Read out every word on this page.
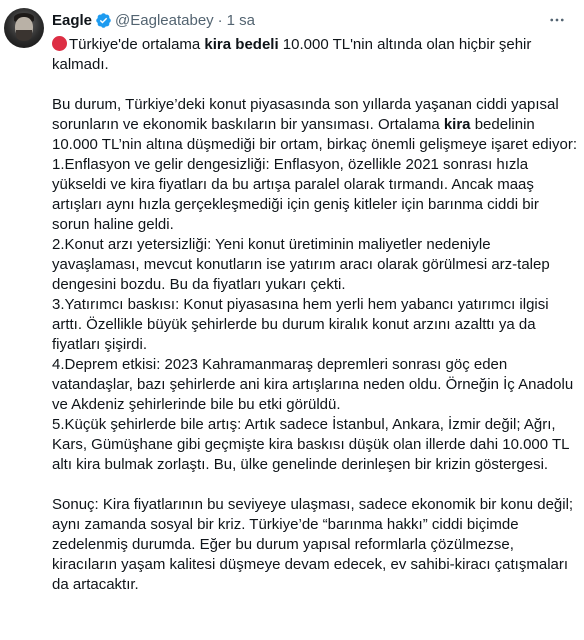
Eagle @Eagleatabey · 1 sa

Türkiye'de ortalama kira bedeli 10.000 TL'nin altında olan hiçbir şehir kalmadı.

Bu durum, Türkiye’deki konut piyasasında son yıllarda yaşanan ciddi yapısal sorunların ve ekonomik baskıların bir yansıması. Ortalama kira bedelinin 10.000 TL’nin altına düşmediği bir ortam, birkaç önemli gelişmeye işaret ediyor:

1.Enflasyon ve gelir dengesizliği: Enflasyon, özellikle 2021 sonrası hızla yükseldi ve kira fiyatları da bu artışa paralel olarak tırmandı. Ancak maaş artışları aynı hızla gerçekleşmediği için geniş kitleler için barınma ciddi bir sorun haline geldi.

2.Konut arzı yetersizliği: Yeni konut üretiminin maliyetler nedeniyle yavaşlaması, mevcut konutların ise yatırım aracı olarak görülmesi arz-talep dengesini bozdu. Bu da fiyatları yukarı çekti.

3.Yatırımcı baskısı: Konut piyasasına hem yerli hem yabancı yatırımcı ilgisi arttı. Özellikle büyük şehirlerde bu durum kiralık konut arzını azalttı ya da fiyatları şişirdi.

4.Deprem etkisi: 2023 Kahramanmaraş depremleri sonrası göç eden vatandaşlar, bazı şehirlerde ani kira artışlarına neden oldu. Örneğin İç Anadolu ve Akdeniz şehirlerinde bile bu etki görüldü.

5.Küçük şehirlerde bile artış: Artık sadece İstanbul, Ankara, İzmir değil; Ağrı, Kars, Gümüşhane gibi geçmişte kira baskısı düşük olan illerde dahi 10.000 TL altı kira bulmak zorlaştı. Bu, ülke genelinde derinleşen bir krizin göstergesi.

Sonuç: Kira fiyatlarının bu seviyeye ulaşması, sadece ekonomik bir konu değil; aynı zamanda sosyal bir kriz. Türkiye’de “barınma hakkı” ciddi biçimde zedelenmiş durumda. Eğer bu durum yapısal reformlarla çözülmezse, kiracıların yaşam kalitesi düşmeye devam edecek, ev sahibi-kiracı çatışmaları da artacaktır.
